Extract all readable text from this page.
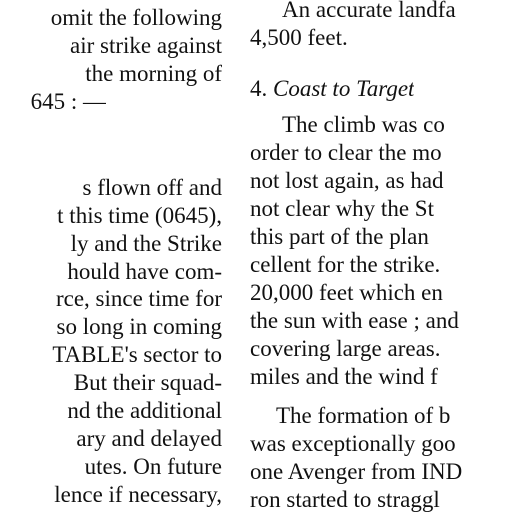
omit the following
air strike against
the morning of
645 : —
s flown off and
t this time (0645),
ly and the Strike
hould have com-
rce, since time for
so long in coming
TABLE's sector to
But their squad-
nd the additional
ary and delayed
utes. On future
lence if necessary,
An accurate landfa
4,500 feet.
4. Coast to Target
The climb was co
order to clear the mo
not lost again, as had
not clear why the St
this part of the plan
cellent for the strike.
20,000 feet which en
the sun with ease ; and
covering large areas.
miles and the wind f
The formation of b
was exceptionally goo
one Avenger from IND
ron started to straggl
